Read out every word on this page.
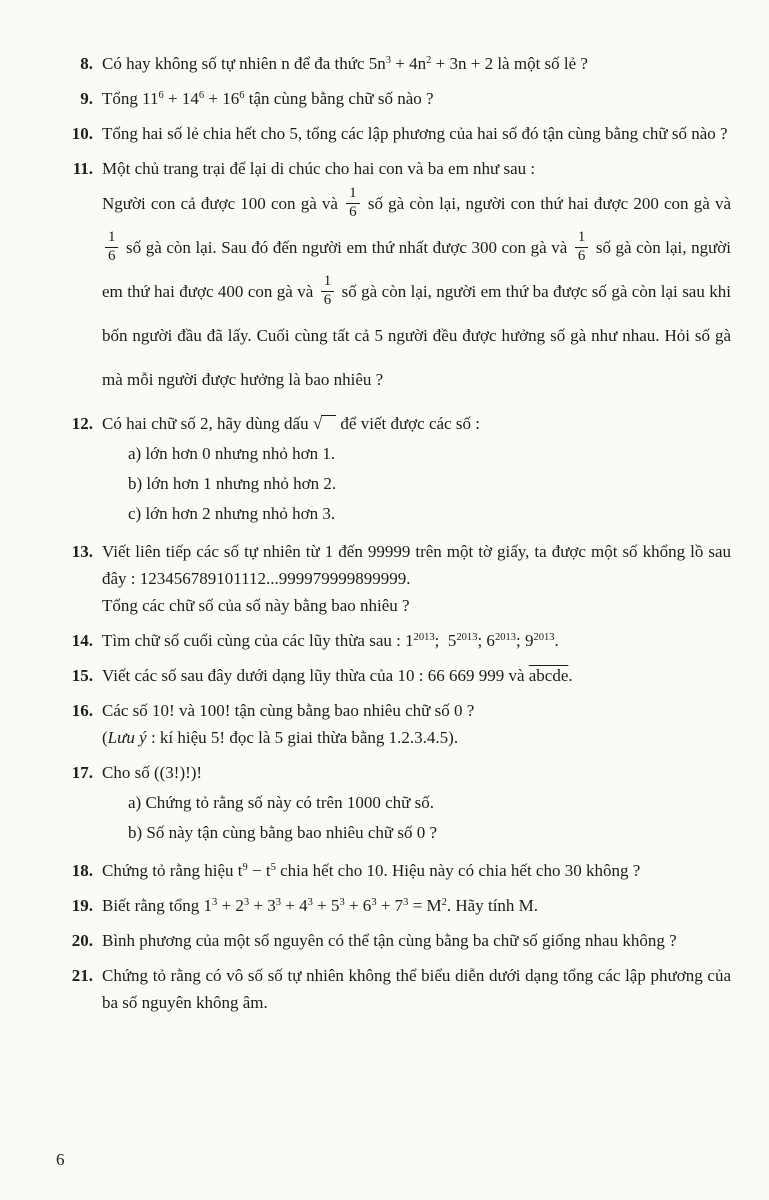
8. Có hay không số tự nhiên n để đa thức $5n^3 + 4n^2 + 3n + 2$ là một số lẻ ?

9. Tổng $11^6 + 14^6 + 16^6$ tận cùng bằng chữ số nào ?

10. Tổng hai số lẻ chia hết cho 5, tổng các lập phương của hai số đó tận cùng bằng chữ số nào ?

11. Một chủ trang trại để lại di chúc cho hai con và ba em như sau :

Người con cả được 100 con gà và $\frac{1}{6}$ số gà còn lại, người con thứ hai được 200 con gà và
$\frac{1}{6}$ số gà còn lại. Sau đó đến người em thứ nhất được 300 con gà và $\frac{1}{6}$ số gà còn lại, người em thứ hai được 400 con gà và $\frac{1}{6}$ số gà còn lại, người em thứ ba được số gà còn lại sau khi bốn người đầu đã lấy. Cuối cùng tất cả 5 người đều được hưởng số gà như nhau. Hỏi số gà mà mỗi người được hưởng là bao nhiêu ?

12. Có hai chữ số 2, hãy dùng dấu √ để viết được các số :

a) lớn hơn 0 nhưng nhỏ hơn 1.

b) lớn hơn 1 nhưng nhỏ hơn 2.

c) lớn hơn 2 nhưng nhỏ hơn 3.

13. Viết liên tiếp các số tự nhiên từ 1 đến 99999 trên một tờ giấy, ta được một số khổng lồ sau đây : 123456789101112...999979999899999.

Tổng các chữ số của số này bằng bao nhiêu ?

14. Tìm chữ số cuối cùng của các lũy thừa sau : $1^{2013}$;  $5^{2013}$; $6^{2013}$; $9^{2013}$.

15. Viết các số sau đây dưới dạng lũy thừa của 10 : 66 669 999 và abcde.

16. Các số 10! và 100! tận cùng bằng bao nhiêu chữ số 0 ?

(Lưu ý : kí hiệu 5! đọc là 5 giai thừa bằng 1.2.3.4.5).

17. Cho số ((3!)!)!

a) Chứng tỏ rằng số này có trên 1000 chữ số.

b) Số này tận cùng bằng bao nhiêu chữ số 0 ?

18. Chứng tỏ rằng hiệu $t^9 - t^5$ chia hết cho 10. Hiệu này có chia hết cho 30 không ?

19. Biết rằng tổng $1^3 + 2^3 + 3^3 + 4^3 + 5^3 + 6^3 + 7^3 = M^2$. Hãy tính M.

20. Bình phương của một số nguyên có thể tận cùng bằng ba chữ số giống nhau không ?

21. Chứng tỏ rằng có vô số số tự nhiên không thể biểu diễn dưới dạng tổng các lập phương của ba số nguyên không âm.

6
